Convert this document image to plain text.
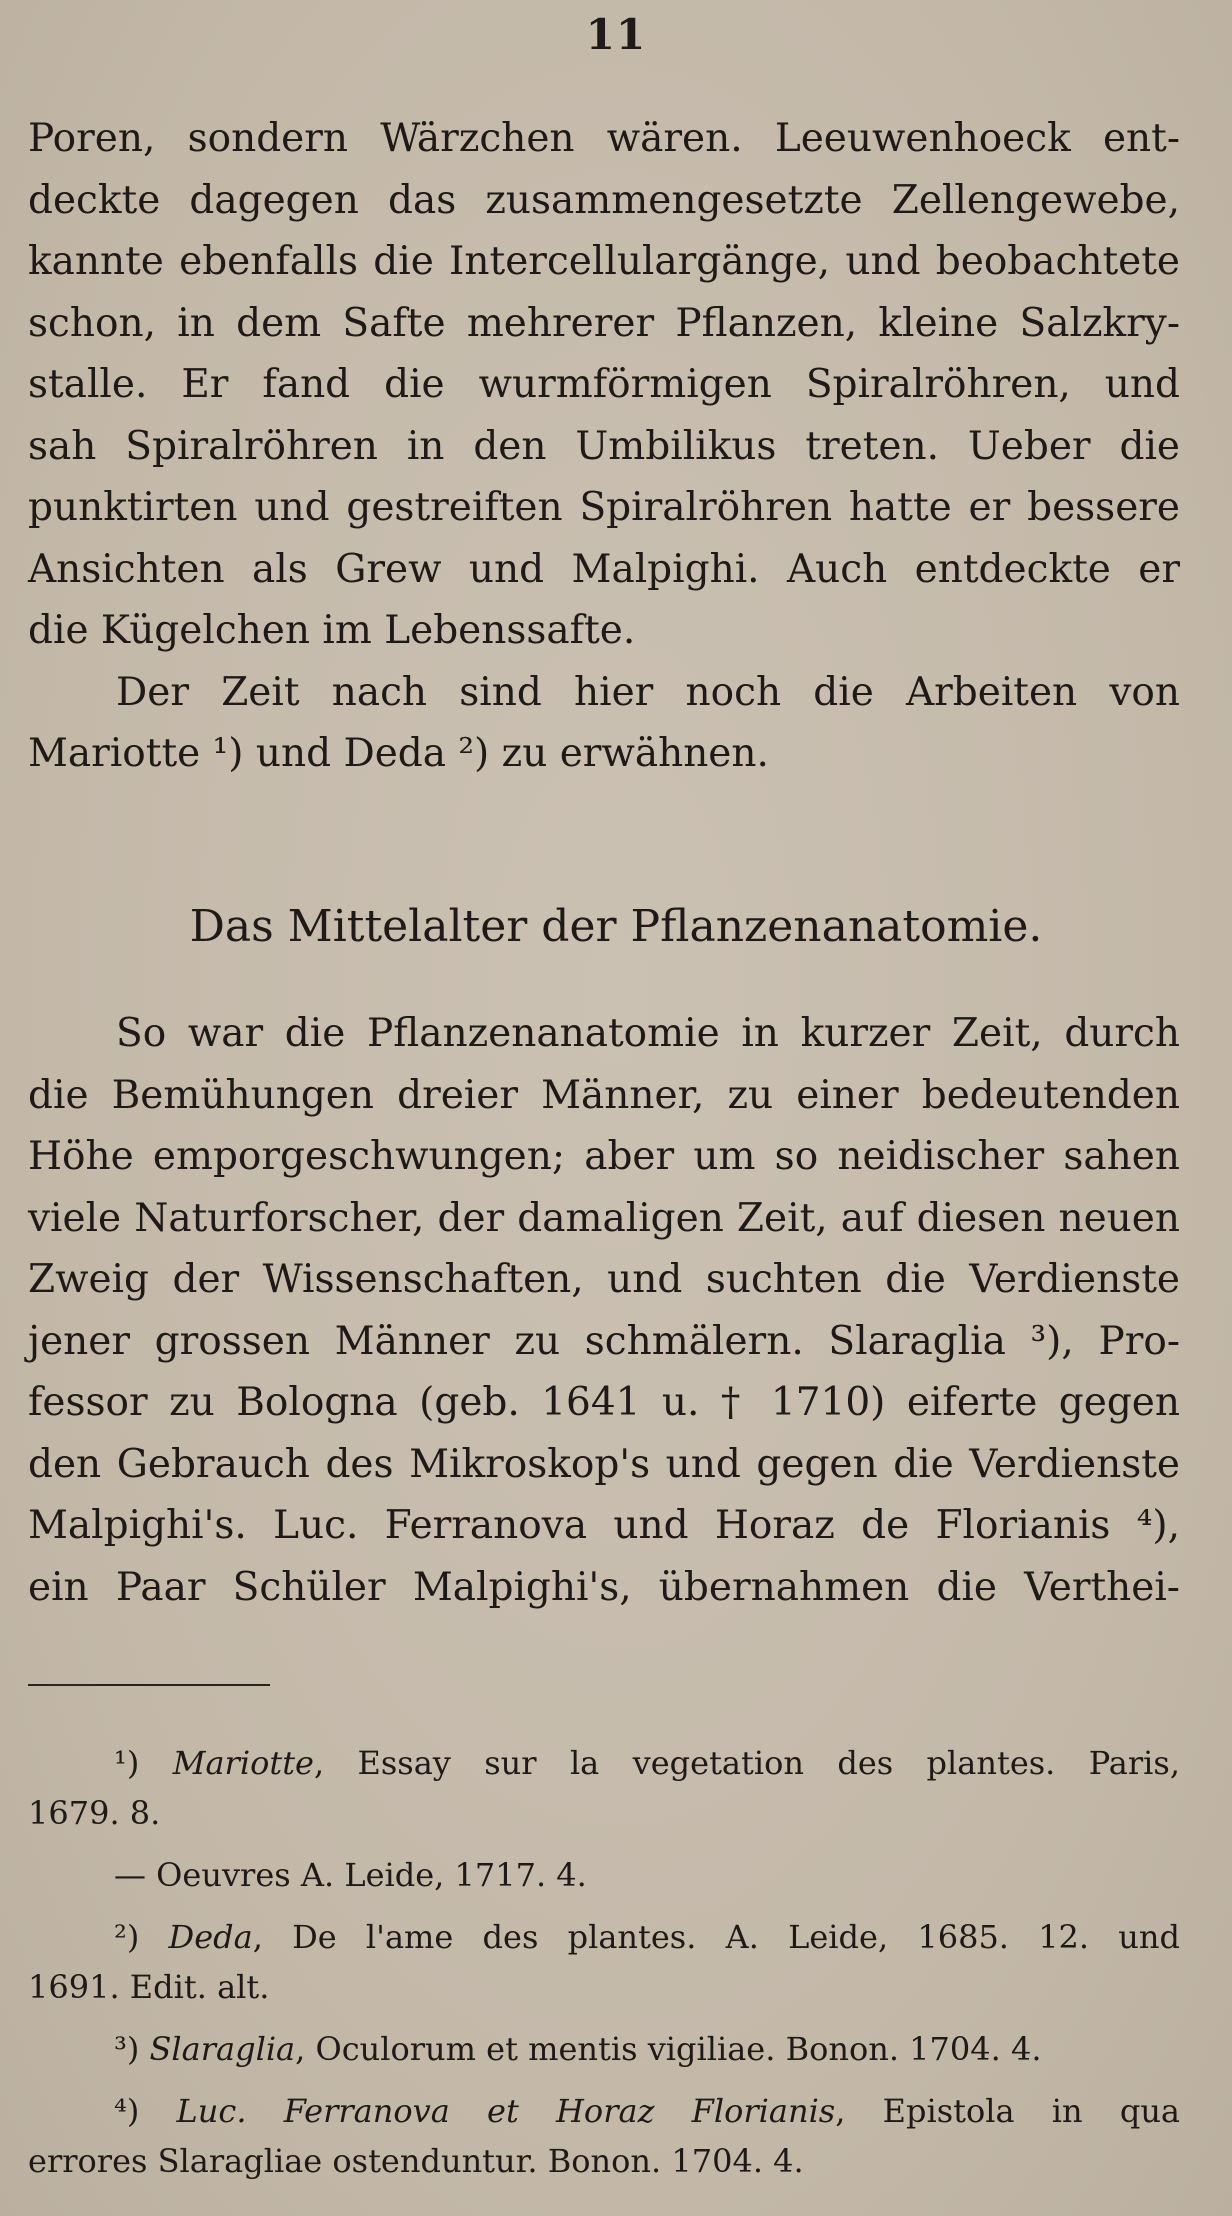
11
Poren, sondern Wärzchen wären. Leeuwenhoeck ent-
deckte dagegen das zusammengesetzte Zellengewebe,
kannte ebenfalls die Intercellulargänge, und beobachtete
schon, in dem Safte mehrerer Pflanzen, kleine Salzkry-
stalle. Er fand die wurmförmigen Spiralröhren, und
sah Spiralröhren in den Umbilikus treten. Ueber die
punktirten und gestreiften Spiralröhren hatte er bessere
Ansichten als Grew und Malpighi. Auch entdeckte er
die Kügelchen im Lebenssafte.
Der Zeit nach sind hier noch die Arbeiten von
Mariotte ¹) und Deda ²) zu erwähnen.
Das Mittelalter der Pflanzenanatomie.
So war die Pflanzenanatomie in kurzer Zeit, durch
die Bemühungen dreier Männer, zu einer bedeutenden
Höhe emporgeschwungen; aber um so neidischer sahen
viele Naturforscher, der damaligen Zeit, auf diesen neuen
Zweig der Wissenschaften, und suchten die Verdienste
jener grossen Männer zu schmälern. Slaraglia ³), Pro-
fessor zu Bologna (geb. 1641 u. † 1710) eiferte gegen
den Gebrauch des Mikroskop's und gegen die Verdienste
Malpighi's. Luc. Ferranova und Horaz de Florianis ⁴),
ein Paar Schüler Malpighi's, übernahmen die Verthei-
¹) Mariotte, Essay sur la vegetation des plantes. Paris,
1679. 8.
— Oeuvres A. Leide, 1717. 4.
²) Deda, De l'ame des plantes. A. Leide, 1685. 12. und
1691. Edit. alt.
³) Slaraglia, Oculorum et mentis vigiliae. Bonon. 1704. 4.
⁴) Luc. Ferranova et Horaz Florianis, Epistola in qua
errores Slaragliae ostenduntur. Bonon. 1704. 4.
